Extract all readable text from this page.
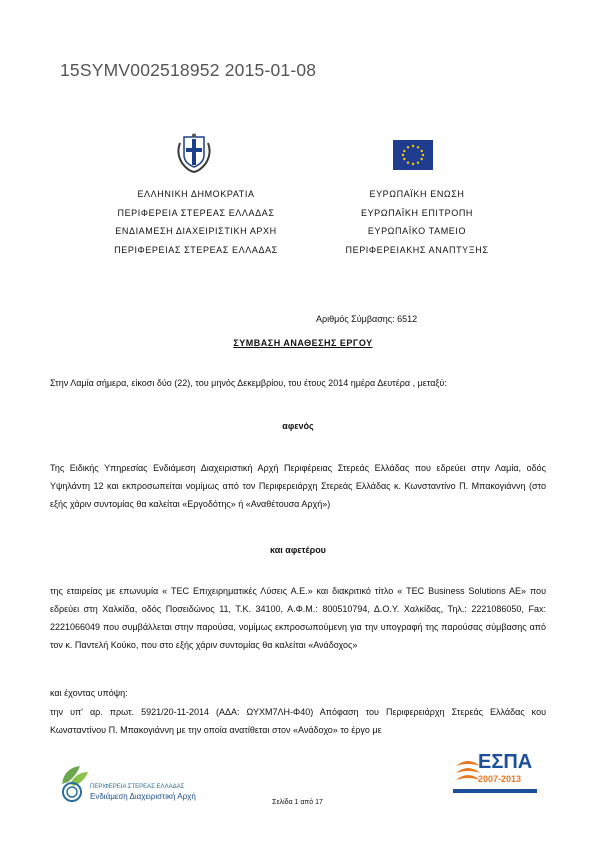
15SYMV002518952 2015-01-08
ΕΛΛΗΝΙΚΗ ΔΗΜΟΚΡΑΤΙΑ
ΠΕΡΙΦΕΡΕΙΑ ΣΤΕΡΕΑΣ ΕΛΛΑΔΑΣ
ΕΝΔΙΑΜΕΣΗ ΔΙΑΧΕΙΡΙΣΤΙΚΗ ΑΡΧΗ
ΠΕΡΙΦΕΡΕΙΑΣ ΣΤΕΡΕΑΣ ΕΛΛΑΔΑΣ
ΕΥΡΩΠΑΪΚΗ ΕΝΩΣΗ
ΕΥΡΩΠΑΪΚΗ ΕΠΙΤΡΟΠΗ
ΕΥΡΩΠΑΪΚΟ ΤΑΜΕΙΟ
ΠΕΡΙΦΕΡΕΙΑΚΗΣ ΑΝΑΠΤΥΞΗΣ
Αριθμός Σύμβασης: 6512
ΣΥΜΒΑΣΗ ΑΝΑΘΕΣΗΣ ΕΡΓΟΥ
Στην Λαμία σήμερα, είκοσι δύο (22), του μηνός Δεκεμβρίου, του έτους 2014 ημέρα Δευτέρα , μεταξύ:
αφενός
Της Ειδικής Υπηρεσίας Ενδιάμεση Διαχειριστική Αρχή Περιφέρειας Στερεάς Ελλάδας που εδρεύει στην Λαμία, οδός Υψηλάντη 12 και εκπροσωπείται νομίμως από τον Περιφερειάρχη Στερεάς Ελλάδας κ. Κωνσταντίνο Π. Μπακογιάννη (στο εξής χάριν συντομίας θα καλείται «Εργοδότης» ή «Αναθέτουσα Αρχή»)
και αφετέρου
της εταιρείας με επωνυμία « TEC Επιχειρηματικές Λύσεις Α.Ε.» και διακριτικό τίτλο « TEC Business Solutions AE» που εδρεύει στη Χαλκίδα, οδός Ποσειδώνος 11, Τ.Κ. 34100, Α.Φ.Μ.: 800510794, Δ.Ο.Υ. Χαλκίδας, Τηλ.: 2221086050, Fax: 2221066049 που συμβάλλεται στην παρούσα, νομίμως εκπροσωπούμενη για την υπογραφή της παρούσας σύμβασης από τον κ. Παντελή Κούκο, που στο εξής χάριν συντομίας θα καλείται «Ανάδοχος»
και έχοντας υπόψη:
την υπ' αρ. πρωτ. 5921/20-11-2014 (ΑΔΑ: ΩΥΧΜ7ΛΗ-Φ40) Απόφαση του Περιφερειάρχη Στερεάς Ελλάδας κου Κωνσταντίνου Π. Μπακογιάννη με την οποία ανατίθεται στον «Ανάδοχο» το έργο με
ΠΕΡΙΦΕΡΕΙΑ ΣΤΕΡΕΑΣ ΕΛΛΑΔΑΣ
Ενδιάμεση Διαχειριστική Αρχή
Σελίδα 1 από 17
ΕΣΠΑ
2007-2013
